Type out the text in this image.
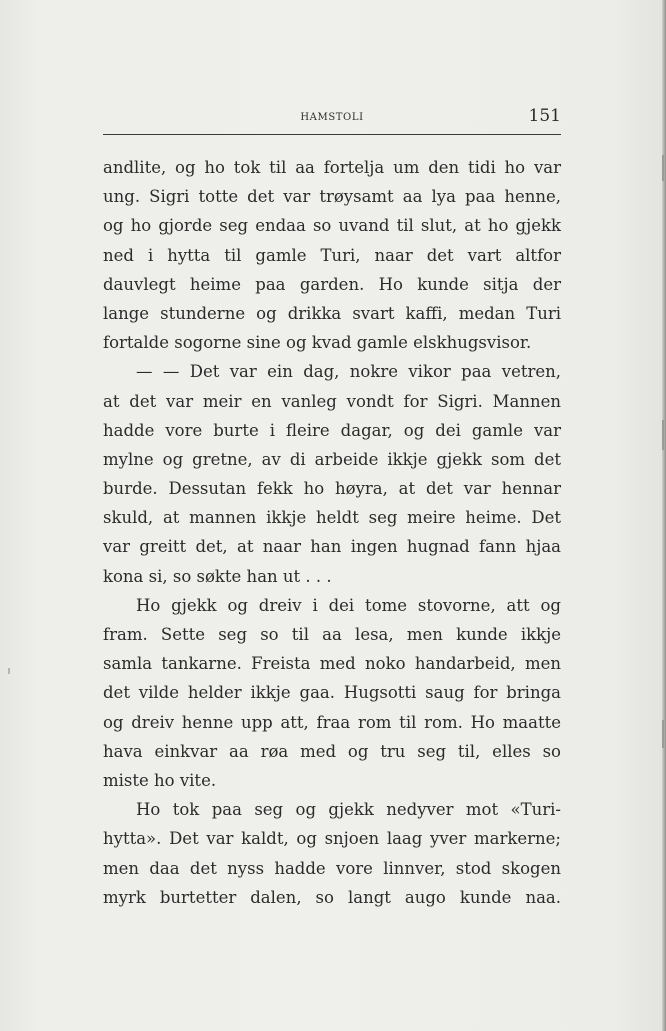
HAMSTOLI	151
andlite, og ho tok til aa fortelja um den tidi ho var
ung. Sigri totte det var trøysamt aa lya paa henne,
og ho gjorde seg endaa so uvand til slut, at ho gjekk
ned i hytta til gamle Turi, naar det vart altfor
dauvlegt heime paa garden. Ho kunde sitja der
lange stunderne og drikka svart kaffi, medan Turi
fortalde sogorne sine og kvad gamle elskhugsvisor.
— — Det var ein dag, nokre vikor paa vetren,
at det var meir en vanleg vondt for Sigri. Mannen
hadde vore burte i fleire dagar, og dei gamle var
mylne og gretne, av di arbeide ikkje gjekk som det
burde. Dessutan fekk ho høyra, at det var hennar
skuld, at mannen ikkje heldt seg meire heime. Det
var greitt det, at naar han ingen hugnad fann hjaa
kona si, so søkte han ut . . .
Ho gjekk og dreiv i dei tome stovorne, att og
fram. Sette seg so til aa lesa, men kunde ikkje
samla tankarne. Freista med noko handarbeid, men
det vilde helder ikkje gaa. Hugsotti saug for bringa
og dreiv henne upp att, fraa rom til rom. Ho maatte
hava einkvar aa røa med og tru seg til, elles so
miste ho vite.
Ho tok paa seg og gjekk nedyver mot «Turi-
hytta». Det var kaldt, og snjoen laag yver markerne;
men daa det nyss hadde vore linnver, stod skogen
myrk burtetter dalen, so langt augo kunde naa.
